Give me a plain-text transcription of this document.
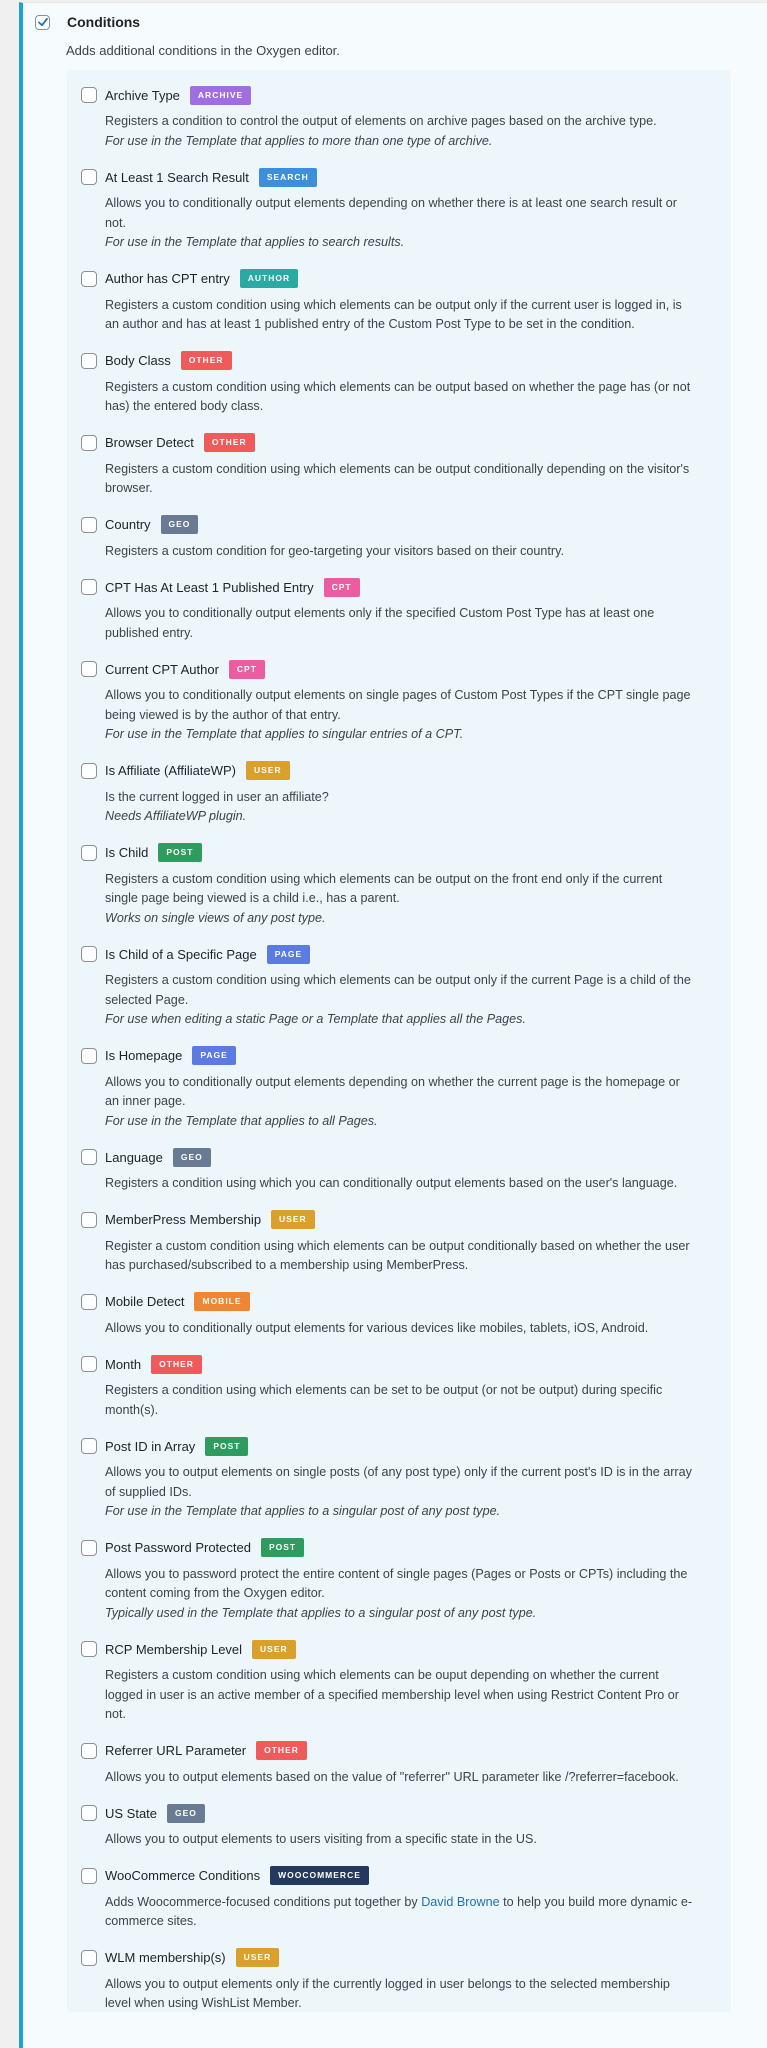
Conditions
Adds additional conditions in the Oxygen editor.
Archive Type	ARCHIVE
Registers a condition to control the output of elements on archive pages based on the archive type.
For use in the Template that applies to more than one type of archive.
At Least 1 Search Result	SEARCH
Allows you to conditionally output elements depending on whether there is at least one search result or not.
For use in the Template that applies to search results.
Author has CPT entry	AUTHOR
Registers a custom condition using which elements can be output only if the current user is logged in, is an author and has at least 1 published entry of the Custom Post Type to be set in the condition.
Body Class	OTHER
Registers a custom condition using which elements can be output based on whether the page has (or not has) the entered body class.
Browser Detect	OTHER
Registers a custom condition using which elements can be output conditionally depending on the visitor's browser.
Country	GEO
Registers a custom condition for geo-targeting your visitors based on their country.
CPT Has At Least 1 Published Entry	CPT
Allows you to conditionally output elements only if the specified Custom Post Type has at least one published entry.
Current CPT Author	CPT
Allows you to conditionally output elements on single pages of Custom Post Types if the CPT single page being viewed is by the author of that entry.
For use in the Template that applies to singular entries of a CPT.
Is Affiliate (AffiliateWP)	USER
Is the current logged in user an affiliate?
Needs AffiliateWP plugin.
Is Child	POST
Registers a custom condition using which elements can be output on the front end only if the current single page being viewed is a child i.e., has a parent.
Works on single views of any post type.
Is Child of a Specific Page	PAGE
Registers a custom condition using which elements can be output only if the current Page is a child of the selected Page.
For use when editing a static Page or a Template that applies all the Pages.
Is Homepage	PAGE
Allows you to conditionally output elements depending on whether the current page is the homepage or an inner page.
For use in the Template that applies to all Pages.
Language	GEO
Registers a condition using which you can conditionally output elements based on the user's language.
MemberPress Membership	USER
Register a custom condition using which elements can be output conditionally based on whether the user has purchased/subscribed to a membership using MemberPress.
Mobile Detect	MOBILE
Allows you to conditionally output elements for various devices like mobiles, tablets, iOS, Android.
Month	OTHER
Registers a condition using which elements can be set to be output (or not be output) during specific month(s).
Post ID in Array	POST
Allows you to output elements on single posts (of any post type) only if the current post's ID is in the array of supplied IDs.
For use in the Template that applies to a singular post of any post type.
Post Password Protected	POST
Allows you to password protect the entire content of single pages (Pages or Posts or CPTs) including the content coming from the Oxygen editor.
Typically used in the Template that applies to a singular post of any post type.
RCP Membership Level	USER
Registers a custom condition using which elements can be ouput depending on whether the current logged in user is an active member of a specified membership level when using Restrict Content Pro or not.
Referrer URL Parameter	OTHER
Allows you to output elements based on the value of "referrer" URL parameter like /?referrer=facebook.
US State	GEO
Allows you to output elements to users visiting from a specific state in the US.
WooCommerce Conditions	WOOCOMMERCE
Adds Woocommerce-focused conditions put together by David Browne to help you build more dynamic e-commerce sites.
WLM membership(s)	USER
Allows you to output elements only if the currently logged in user belongs to the selected membership level when using WishList Member.
